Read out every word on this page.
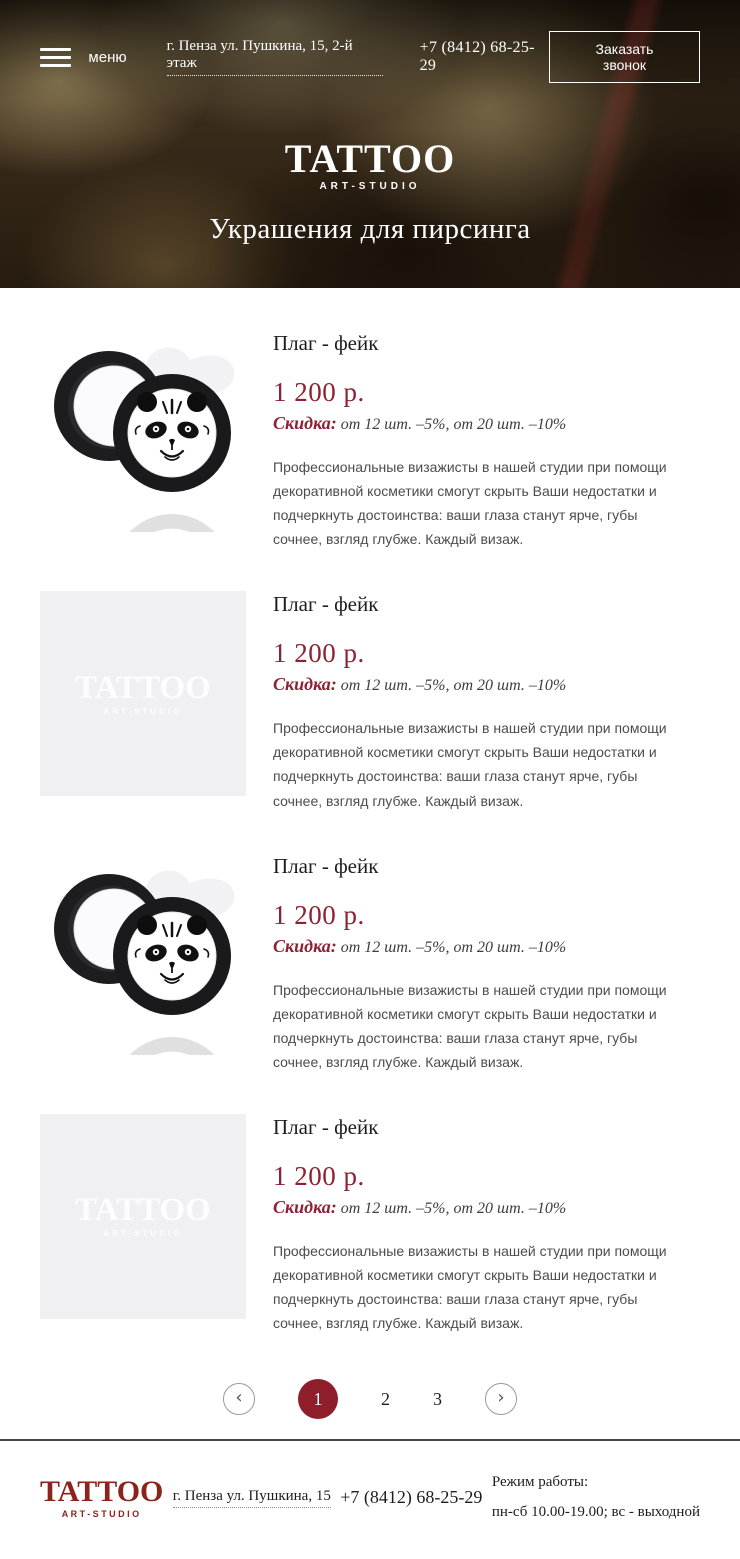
меню
г. Пенза ул. Пушкина, 15, 2-й этаж
+7 (8412) 68-25-29
Заказать звонок
TATTOO
ART-STUDIO
Украшения для пирсинга
Плаг - фейк
1 200 р.
Скидка: от 12 шт. –5%, от 20 шт. –10%

Профессиональные визажисты в нашей студии при помощи декоративной косметики смогут скрыть Ваши недостатки и подчеркнуть достоинства: ваши глаза станут ярче, губы сочнее, взгляд глубже. Каждый визаж.

TATTOO
ART-STUDIO
Плаг - фейк
1 200 р.
Скидка: от 12 шт. –5%, от 20 шт. –10%

Профессиональные визажисты в нашей студии при помощи декоративной косметики смогут скрыть Ваши недостатки и подчеркнуть достоинства: ваши глаза станут ярче, губы сочнее, взгляд глубже. Каждый визаж.

Плаг - фейк
1 200 р.
Скидка: от 12 шт. –5%, от 20 шт. –10%

Профессиональные визажисты в нашей студии при помощи декоративной косметики смогут скрыть Ваши недостатки и подчеркнуть достоинства: ваши глаза станут ярче, губы сочнее, взгляд глубже. Каждый визаж.

TATTOO
ART-STUDIO
Плаг - фейк
1 200 р.
Скидка: от 12 шт. –5%, от 20 шт. –10%

Профессиональные визажисты в нашей студии при помощи декоративной косметики смогут скрыть Ваши недостатки и подчеркнуть достоинства: ваши глаза станут ярче, губы сочнее, взгляд глубже. Каждый визаж.

‹	1	2 3	›
TATTOO
ART-STUDIO
г. Пенза ул. Пушкина, 15 +7 (8412) 68-25-29
Режим работы:
пн-сб 10.00-19.00; вс - выходной
